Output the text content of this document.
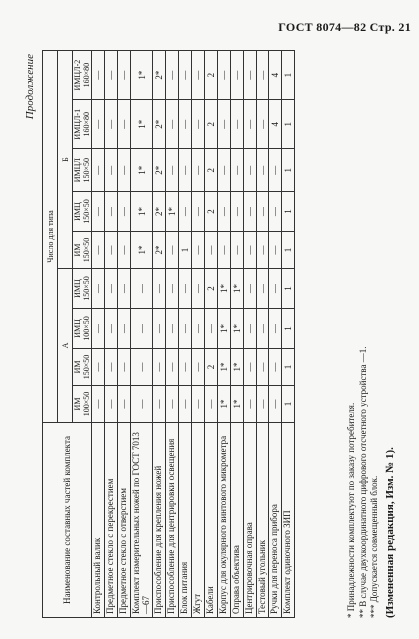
ГОСТ 8074—82 Стр. 21
Продолжение
Наименование составных частей комплекта	Число для типа								
	А				Б				
	ИМ 100×50	ИМ 150×50	ИМЦ 100×50	ИМЦ 150×50	ИМ 150×50	ИМЦ 150×50	ИМЦЛ 150×50	ИМЦЛ-1 160×80	ИМЦЛ-2 160×80
Контрольный валик	—	—	—	—	—	—	—	—	—
Предметное стекло с перекрестием	—	—	—	—	—	—	—	—	—
Предметное стекло с отверстием	—	—	—	—	—	—	—	—	—
Комплект измерительных ножей по ГОСТ 7013—67	—	—	—	—	1*	1*	1*	1*	1*
Приспособление для крепления ножей	—	—	—	—	2*	2*	2*	2*	2*
Приспособление для центрировки освещения	—	—	—	—	—	1*	—	—	—
Блок питания	—	—	—	—	1	—	—	—	—
Жгут	—	—	—	—	—	—	—	—	—
Кабели	—	2	—	2	—	2	2	2	2
Корпус для окулярного винтового микрометра	1*	1*	1*	1*	—	—	—	—	—
Оправа объектива	1*	1*	1*	1*	—	—	—	—	—
Центрировочная оправа	—	—	—	—	—	—	—	—	—
Тестовый угольник	—	—	—	—	—	—	—	—	—
Ручки для переноса прибора	—	—	—	—	—	—	—	4	4
Комплект одиночного ЗИП	1	1	1	1	1	1	1	1	1

* Принадлежности комплектуют по заказу потребителя. ** В случае двухкоординатного цифрового отсчетного устройства —1. *** Допускается совмещенный блок. (Измененная редакция, Изм. № 1).
